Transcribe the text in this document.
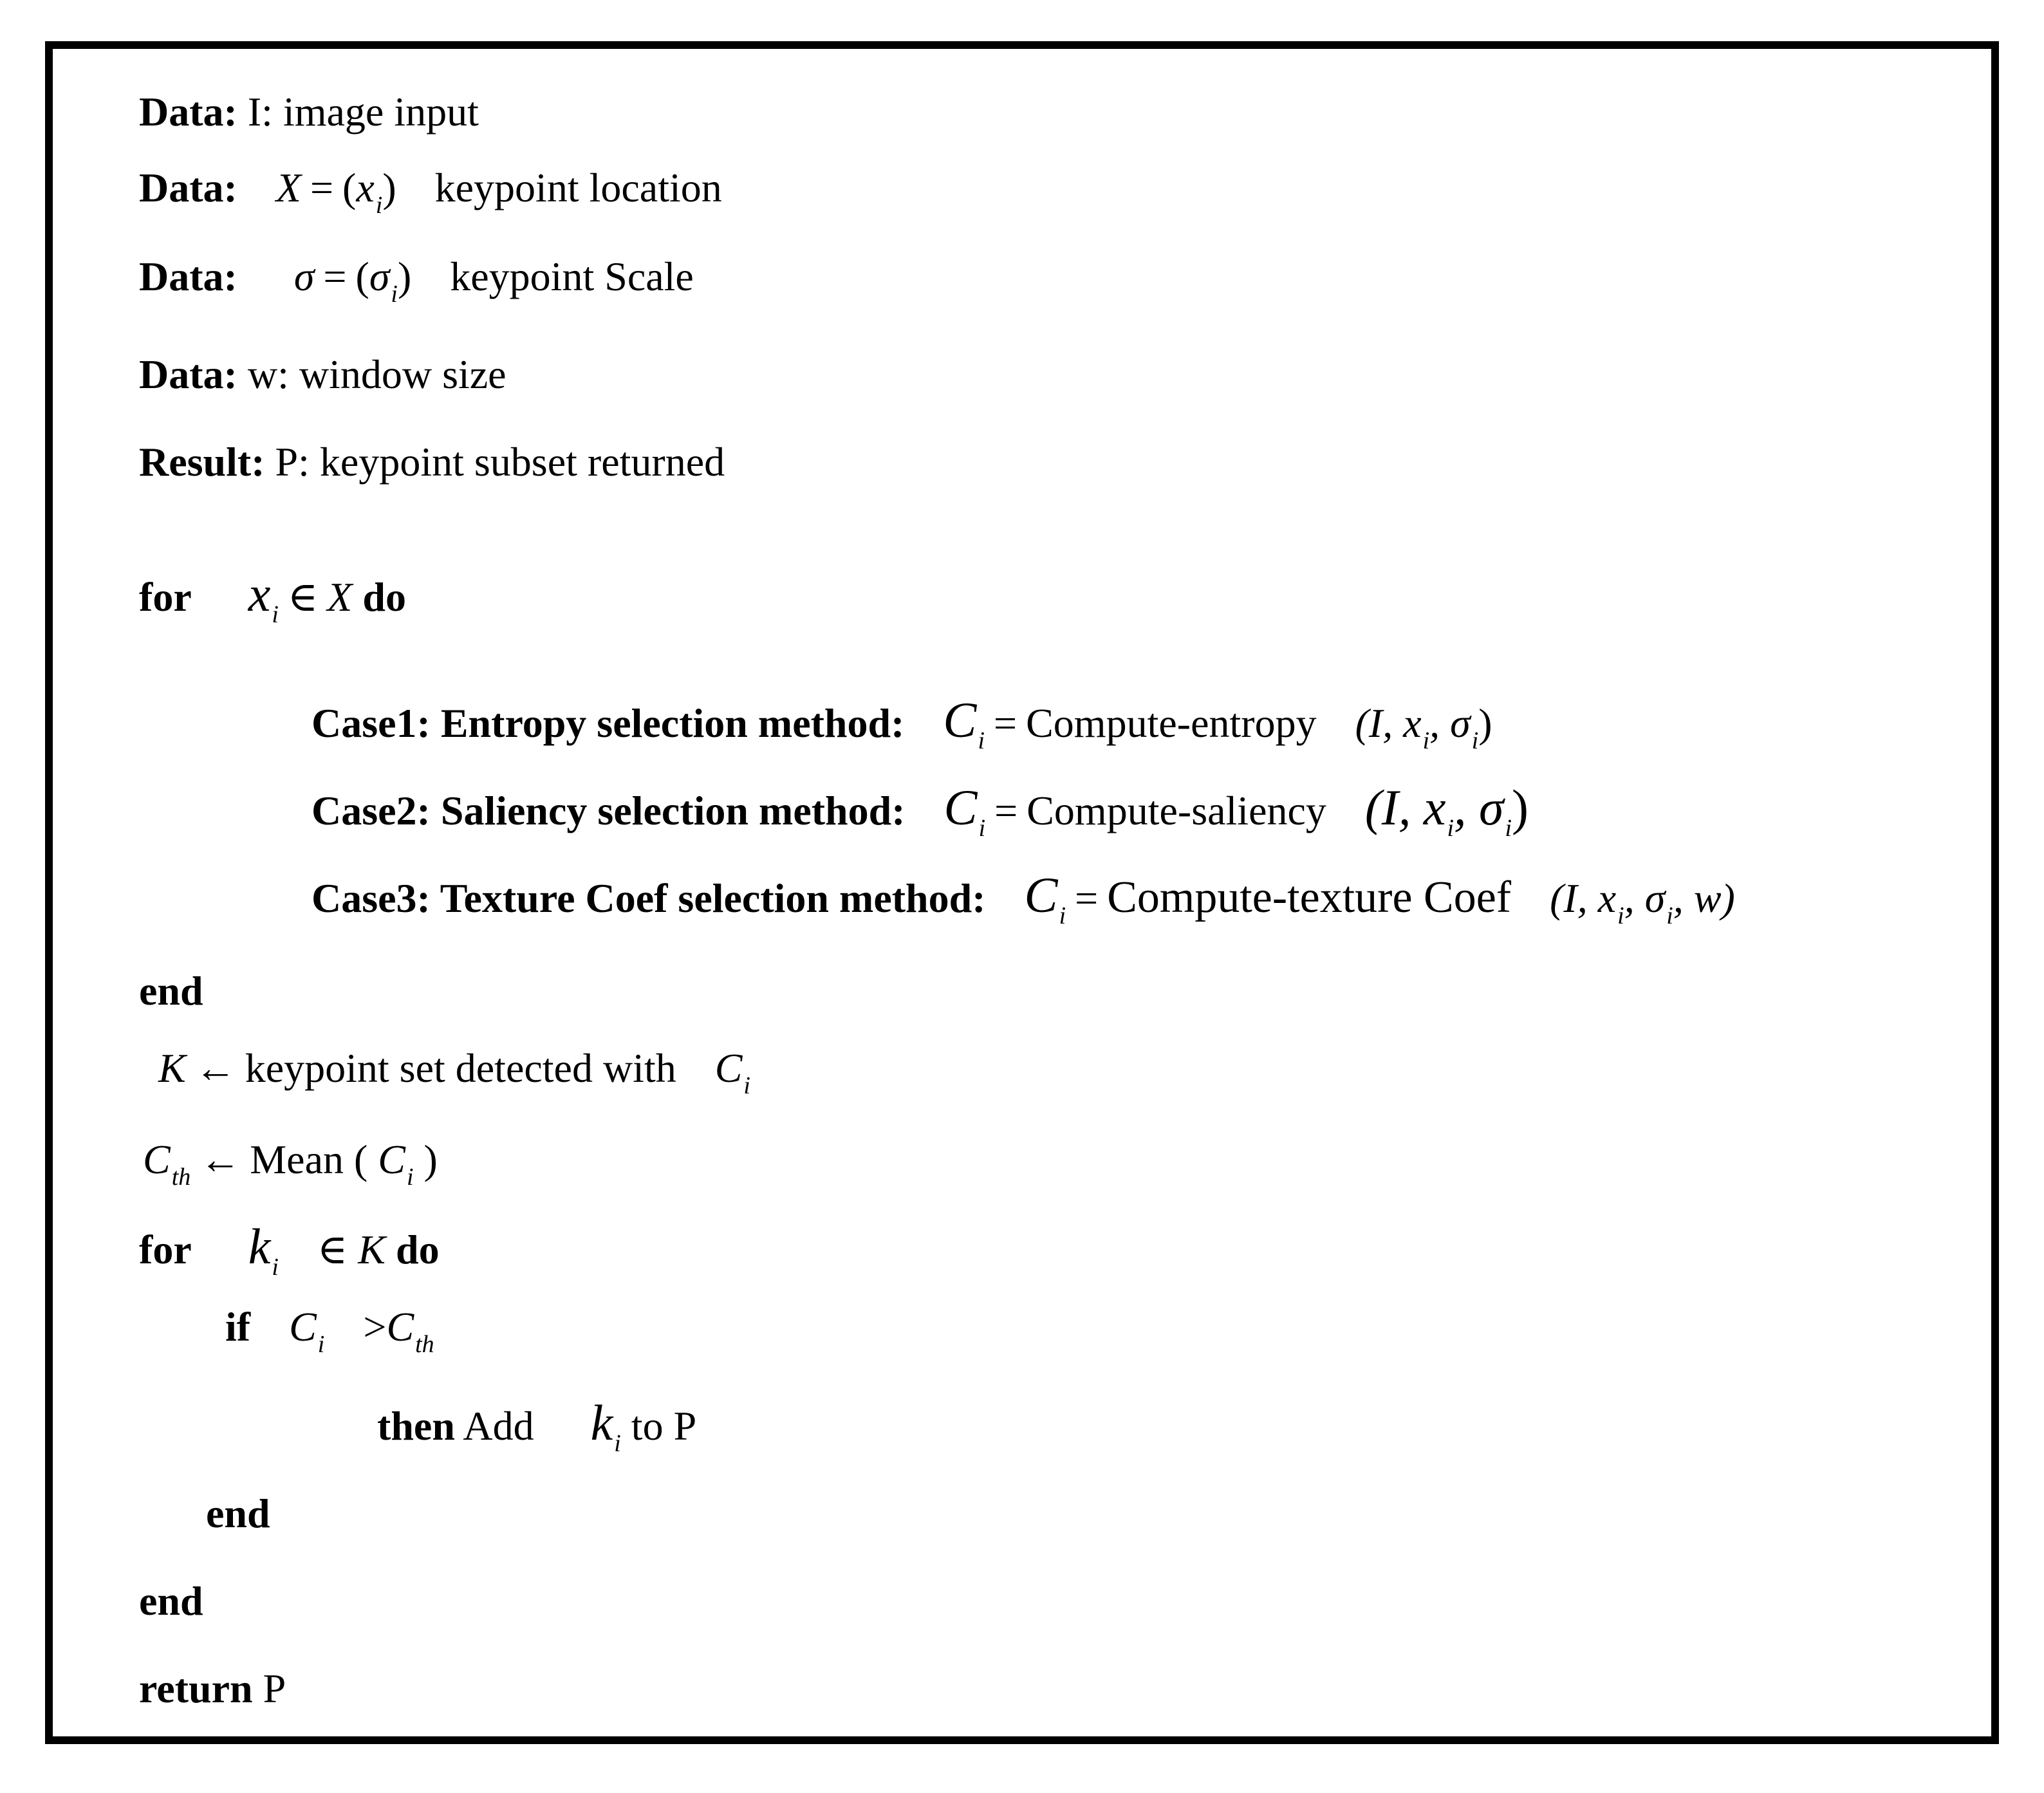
Data: I: image input
Data: $X = (x_i)$ keypoint location
Data: $\sigma = (\sigma_i)$ keypoint Scale
Data: w: window size
Result: P: keypoint subset returned
for $x_i$ ∈ X do
Case1: Entropy selection method: $C_i$ = Compute-entropy (I, $x_i$, $\sigma_i$)
Case2: Saliency selection method: $C_i$ = Compute-saliency (I, $x_i$, $\sigma_i$)
Case3: Texture Coef selection method: $C_i$ = Compute-texture Coef (I, $x_i$, $\sigma_i$, w)
end
K ← keypoint set detected with $C_i$
$C_{th}$ ← Mean ( $C_i$ )
for $k_i$ ∈ K do
if $C_i >C_{th}$
then Add $k_i$ to P
end
end
return P
